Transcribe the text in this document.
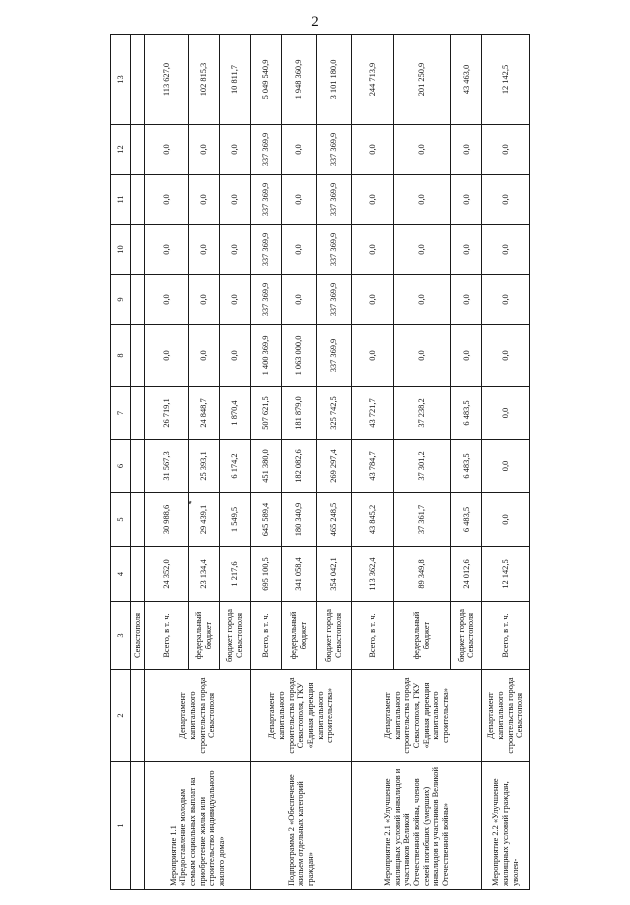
2
1	2	3	4	5	6	7	8	9	10	11	12	13
		Севастополя										
Мероприятие 1.1 «Предоставление молодым семьям социальных выплат на приобретение жилья или строительство индивидуального жилого дома»	Департамент капитального строительства города Севастополя	Всего, в т. ч.	24 352,0	30 988,6	31 567,3	26 719,1	0,0	0,0	0,0	0,0	0,0	113 627,0
		федеральный бюджет	23 134,4	29 439,1	25 393,1	24 848,7	0,0	0,0	0,0	0,0	0,0	102 815,3
		бюджет города Севастополя	1 217,6	1 549,5	6 174,2	1 870,4	0,0	0,0	0,0	0,0	0,0	10 811,7
Подпрограмма 2 «Обеспечение жильем отдельных категорий граждан»	Департамент капитального строительства города Севастополя, ГКУ «Единая дирекция капитального строительства»	Всего, в т. ч.	695 100,5	645 589,4	451 380,0	507 621,5	1 400 369,9	337 369,9	337 369,9	337 369,9	337 369,9	5 049 540,9
		федеральный бюджет	341 058,4	180 340,9	182 082,6	181 879,0	1 063 000,0	0,0	0,0	0,0	0,0	1 948 360,9
		бюджет города Севастополя	354 042,1	465 248,5	269 297,4	325 742,5	337 369,9	337 369,9	337 369,9	337 369,9	337 369,9	3 101 180,0
Мероприятие 2.1 «Улучшение жилищных условий инвалидов и участников Великой Отечественной войны, членов семей погибших (умерших) инвалидов и участников Великой Отечественной войны»	Департамент капитального строительства города Севастополя, ГКУ «Единая дирекция капитального строительства»	Всего, в т. ч.	113 362,4	43 845,2	43 784,7	43 721,7	0,0	0,0	0,0	0,0	0,0	244 713,9
		федеральный бюджет	89 349,8	37 361,7	37 301,2	37 238,2	0,0	0,0	0,0	0,0	0,0	201 250,9
		бюджет города Севастополя	24 012,6	6 483,5	6 483,5	6 483,5	0,0	0,0	0,0	0,0	0,0	43 463,0
Мероприятие 2.2 «Улучшение жилищных условий граждан, уволен-	Департамент капитального строительства города Севастополя	Всего, в т. ч.	12 142,5	0,0	0,0	0,0	0,0	0,0	0,0	0,0	0,0	12 142,5
